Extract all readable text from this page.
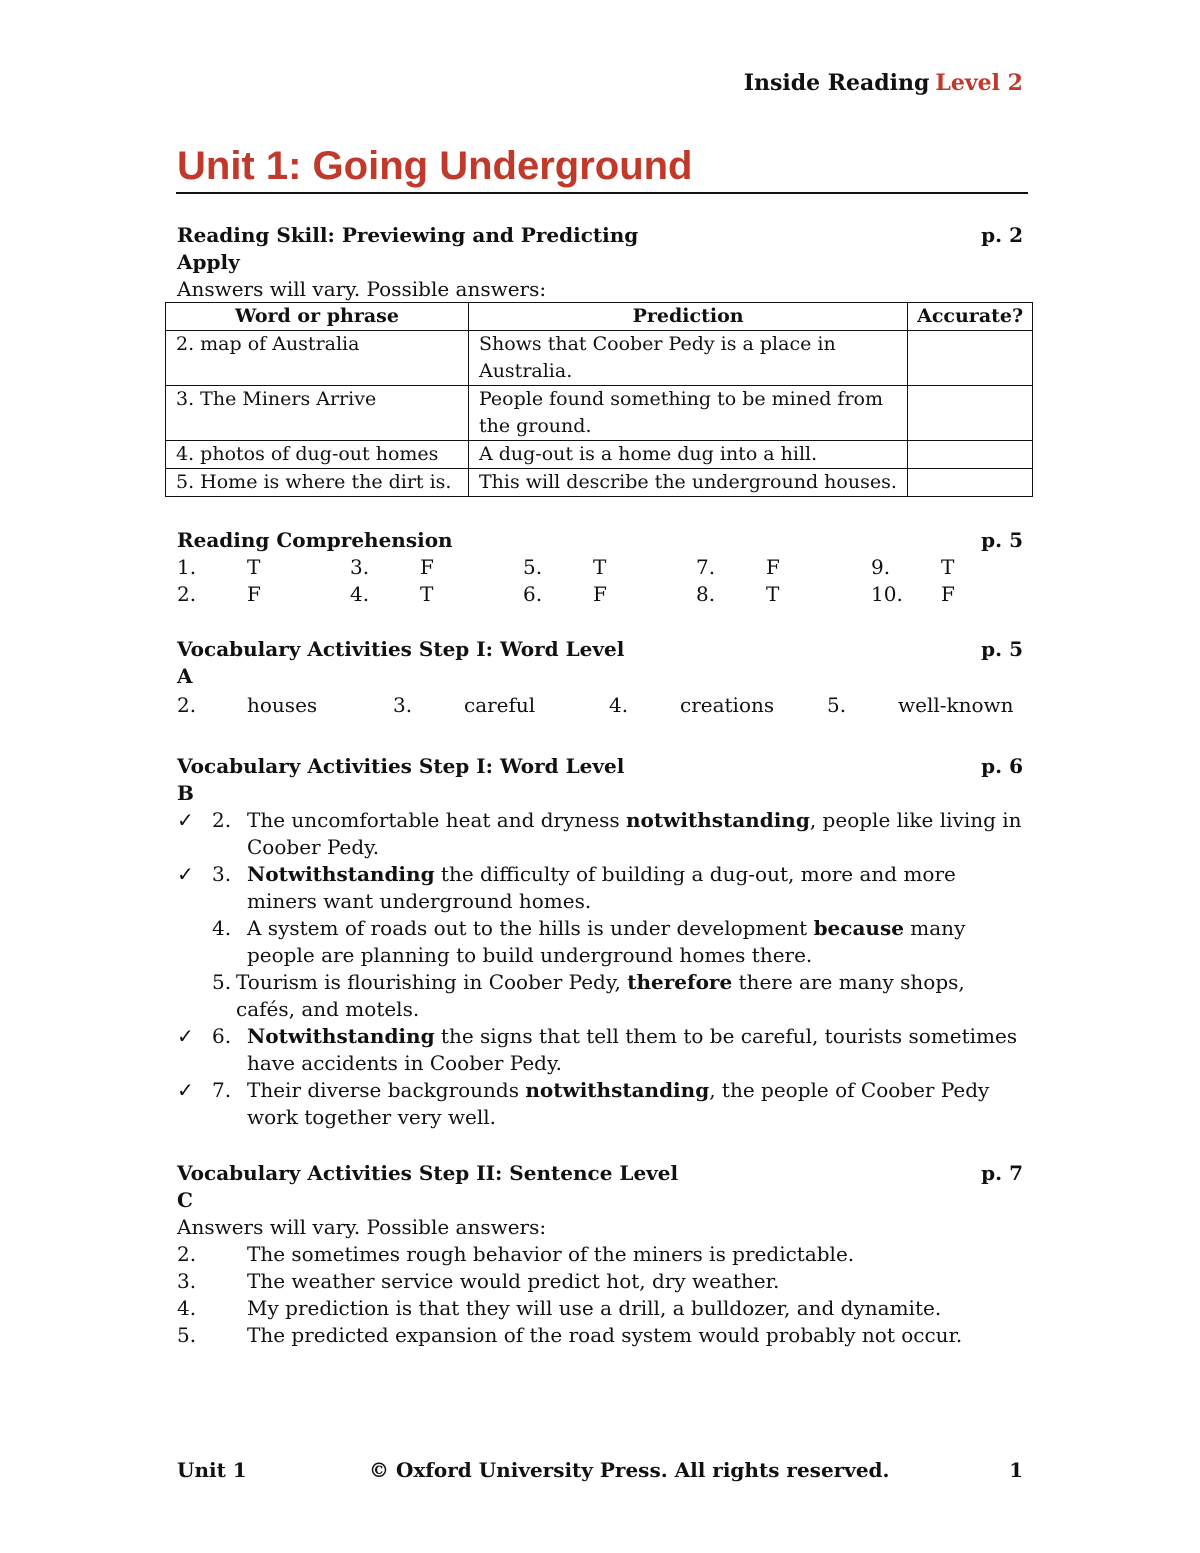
Inside Reading Level 2
Unit 1: Going Underground
Reading Skill: Previewing and Predicting	p. 2
Apply
Answers will vary. Possible answers:
Word or phrase	Prediction	Accurate?
2. map of Australia	Shows that Coober Pedy is a place in Australia.	
3. The Miners Arrive	People found something to be mined from the ground.	
4. photos of dug-out homes	A dug-out is a home dug into a hill.	
5. Home is where the dirt is.	This will describe the underground houses.	
Reading Comprehension	p. 5
1.	T	3.	F	5.	T	7.	F	9.	T
2.	F	4.	T	6.	F	8.	T	10. F
Vocabulary Activities Step I: Word Level	p. 5
A
2.	houses	3.	careful	4.	creations	5.	well-known
Vocabulary Activities Step I: Word Level	p. 6
B
✓ 2. The uncomfortable heat and dryness notwithstanding, people like living in Coober Pedy.
✓ 3. Notwithstanding the difficulty of building a dug-out, more and more miners want underground homes.
4. A system of roads out to the hills is under development because many people are planning to build underground homes there.
5. Tourism is flourishing in Coober Pedy, therefore there are many shops, cafés, and motels.
✓ 6. Notwithstanding the signs that tell them to be careful, tourists sometimes have accidents in Coober Pedy.
✓ 7. Their diverse backgrounds notwithstanding, the people of Coober Pedy work together very well.
Vocabulary Activities Step II: Sentence Level	p. 7
C
Answers will vary. Possible answers:
2.	The sometimes rough behavior of the miners is predictable.
3.	The weather service would predict hot, dry weather.
4.	My prediction is that they will use a drill, a bulldozer, and dynamite.
5.	The predicted expansion of the road system would probably not occur.
Unit 1	© Oxford University Press. All rights reserved.	1
